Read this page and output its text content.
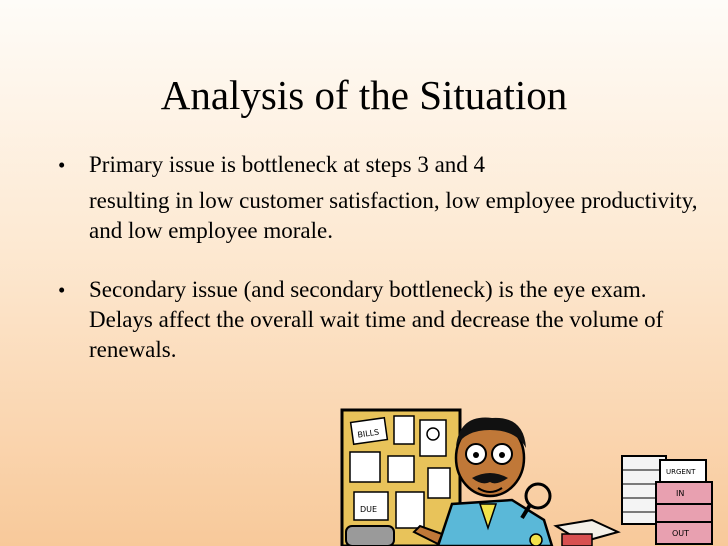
Analysis of the Situation
• Primary issue is bottleneck at steps 3 and 4

resulting in low customer satisfaction, low employee productivity, and low employee morale.

• Secondary issue (and secondary bottleneck) is the eye exam. Delays affect the overall wait time and decrease the volume of renewals.

BILLS
DUE
URGENT
IN
OUT
